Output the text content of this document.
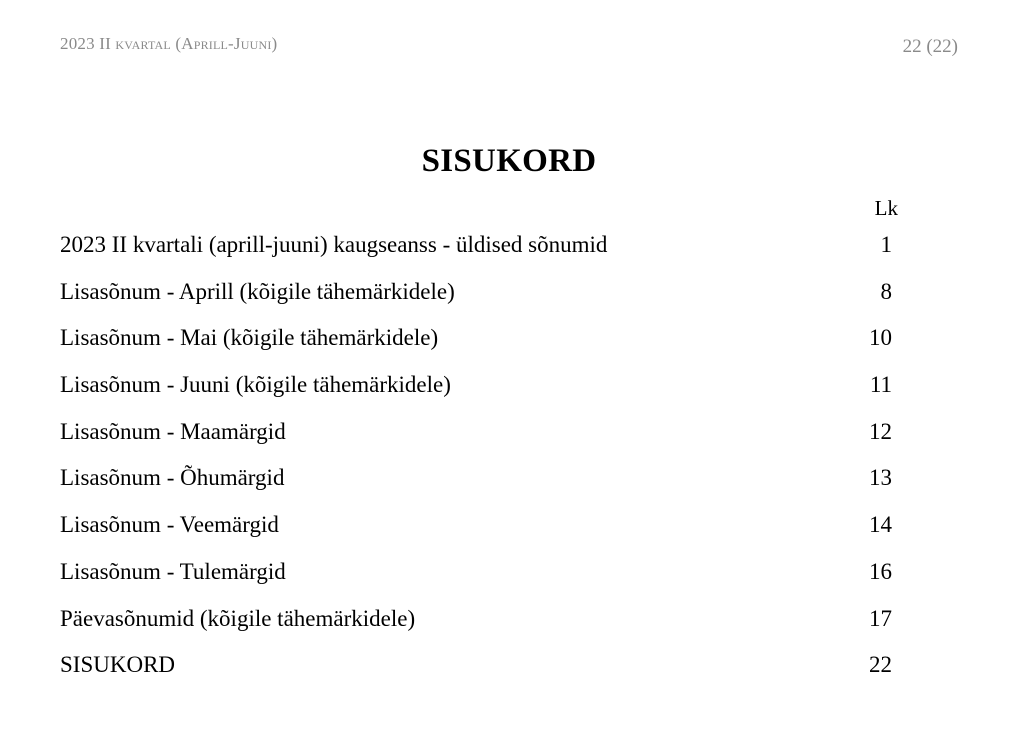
2023 II kvartal (Aprill-Juuni)	22 (22)
SISUKORD
Lk
2023 II kvartali (aprill-juuni) kaugseanss - üldised sõnumid	1
Lisasõnum - Aprill (kõigile tähemärkidele)	8
Lisasõnum - Mai (kõigile tähemärkidele)	10
Lisasõnum - Juuni (kõigile tähemärkidele)	11
Lisasõnum - Maamärgid	12
Lisasõnum - Õhumärgid	13
Lisasõnum - Veemärgid	14
Lisasõnum - Tulemärgid	16
Päevasõnumid (kõigile tähemärkidele)	17
SISUKORD	22
